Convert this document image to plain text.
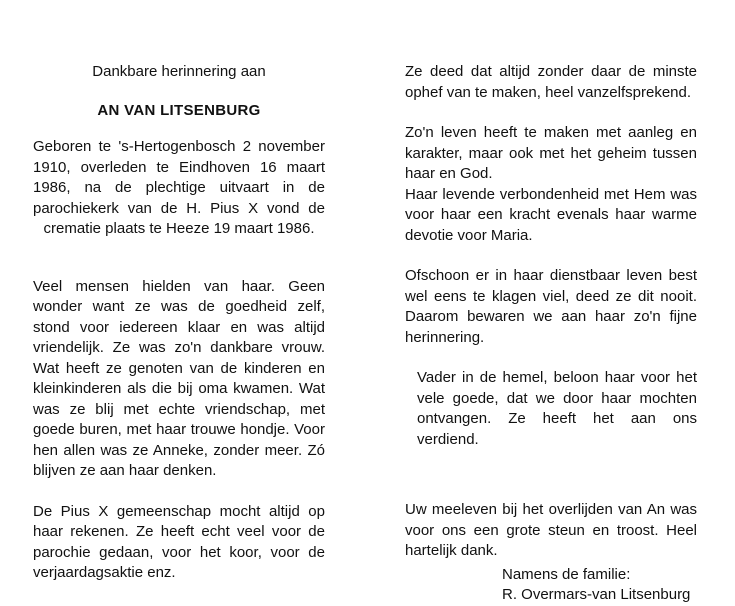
Dankbare herinnering aan

AN VAN LITSENBURG

Geboren te 's-Hertogenbosch 2 november 1910, overleden te Eindhoven 16 maart 1986, na de plechtige uitvaart in de parochiekerk van de H. Pius X vond de crematie plaats te Heeze 19 maart 1986.

Veel mensen hielden van haar. Geen wonder want ze was de goedheid zelf, stond voor iedereen klaar en was altijd vriendelijk. Ze was zo'n dankbare vrouw. Wat heeft ze genoten van de kinderen en kleinkinderen als die bij oma kwamen. Wat was ze blij met echte vriendschap, met goede buren, met haar trouwe hondje. Voor hen allen was ze Anneke, zonder meer. Zó blijven ze aan haar denken.

De Pius X gemeenschap mocht altijd op haar rekenen. Ze heeft echt veel voor de parochie gedaan, voor het koor, voor de verjaardagsaktie enz.

Ze deed dat altijd zonder daar de minste ophef van te maken, heel vanzelfsprekend.

Zo'n leven heeft te maken met aanleg en karakter, maar ook met het geheim tussen haar en God.

Haar levende verbondenheid met Hem was voor haar een kracht evenals haar warme devotie voor Maria.

Ofschoon er in haar dienstbaar leven best wel eens te klagen viel, deed ze dit nooit. Daarom bewaren we aan haar zo'n fijne herinnering.

Vader in de hemel, beloon haar voor het vele goede, dat we door haar mochten ontvangen. Ze heeft het aan ons verdiend.

Uw meeleven bij het overlijden van An was voor ons een grote steun en troost. Heel hartelijk dank.

Namens de familie:

R. Overmars-van Litsenburg
